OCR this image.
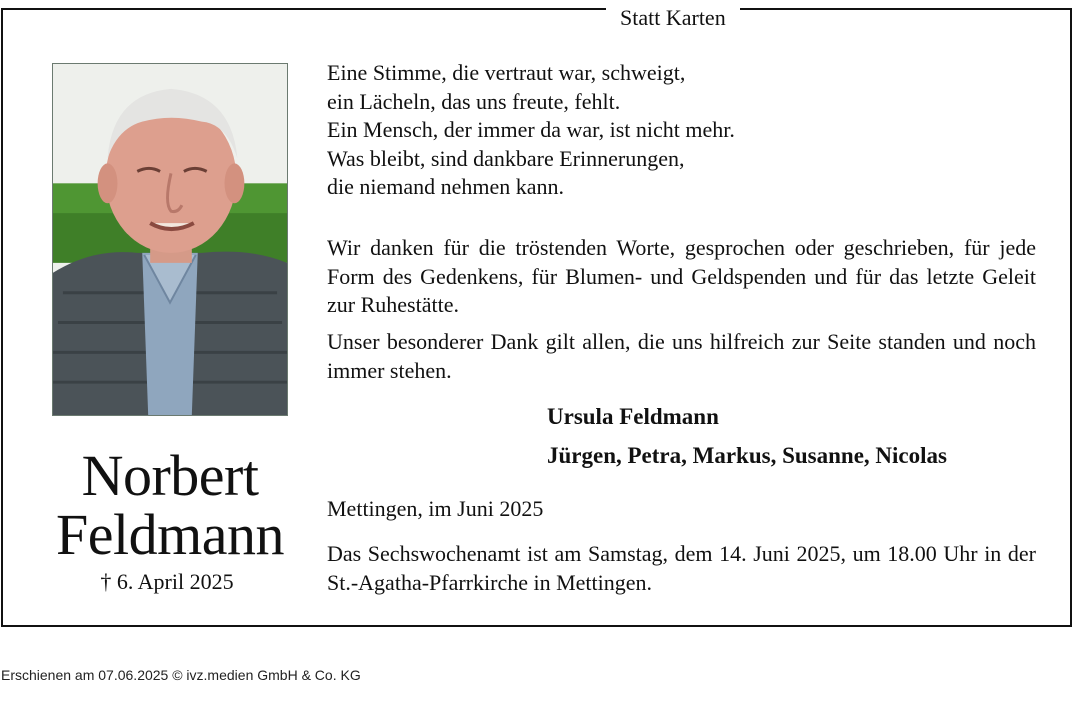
Statt Karten
Norbert
Feldmann
† 6. April 2025
Eine Stimme, die vertraut war, schweigt,
ein Lächeln, das uns freute, fehlt.
Ein Mensch, der immer da war, ist nicht mehr.
Was bleibt, sind dankbare Erinnerungen,
die niemand nehmen kann.
Wir danken für die tröstenden Worte, gesprochen oder geschrieben, für jede Form des Gedenkens, für Blumen- und Geldspenden und für das letzte Geleit zur Ruhestätte.
Unser besonderer Dank gilt allen, die uns hilfreich zur Seite standen und noch immer stehen.
Ursula Feldmann
Jürgen, Petra, Markus, Susanne, Nicolas
Mettingen, im Juni 2025
Das Sechswochenamt ist am Samstag, dem 14. Juni 2025, um 18.00 Uhr in der St.-Agatha-Pfarrkirche in Mettingen.
Erschienen am 07.06.2025 © ivz.medien GmbH & Co. KG
